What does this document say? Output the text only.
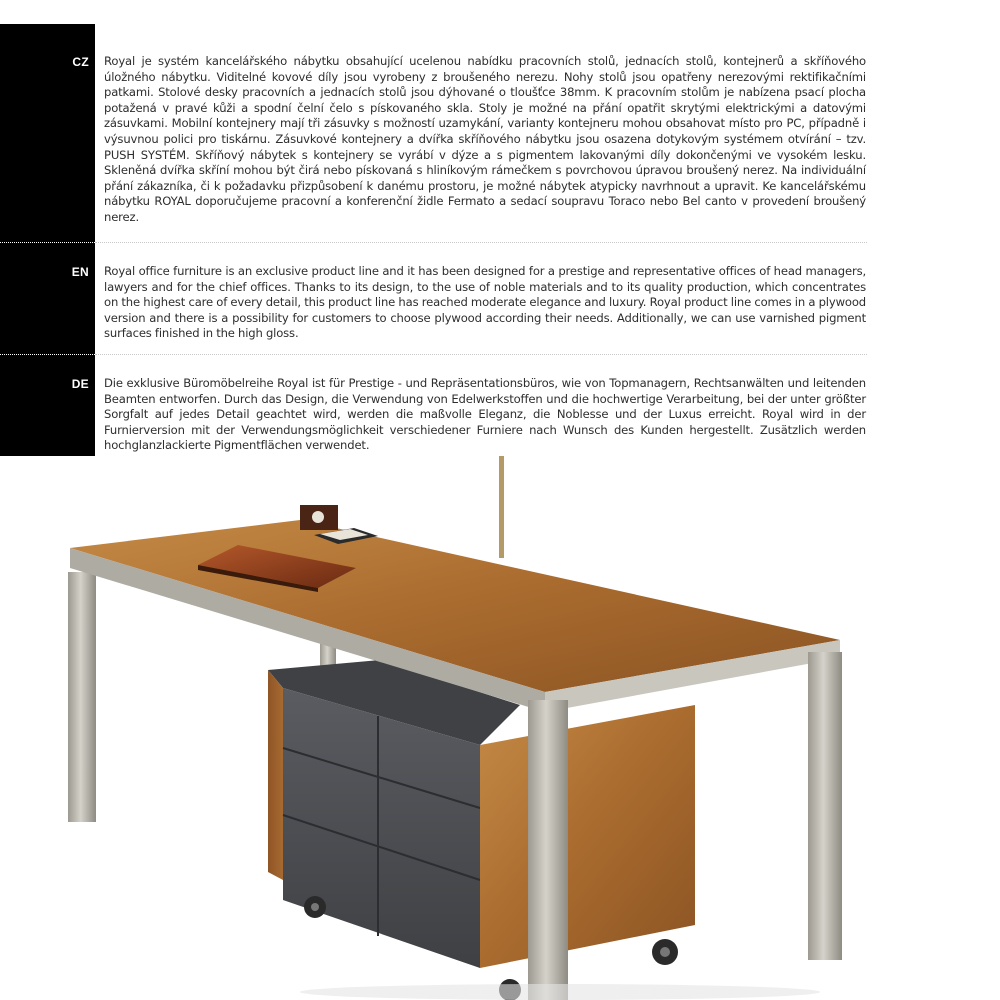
CZ
EN
DE

Royal je systém kancelářského nábytku obsahující ucelenou nabídku pracovních stolů, jednacích stolů, kontejnerů a skříňového úložného nábytku. Viditelné kovové díly jsou vyrobeny z broušeného nerezu. Nohy stolů jsou opatřeny nerezovými rektifikačními patkami. Stolové desky pracovních a jednacích stolů jsou dýhované o tloušťce 38mm. K pracovním stolům je nabízena psací plocha potažená v pravé kůži a spodní čelní čelo s pískovaného skla. Stoly je možné na přání opatřit skrytými elektrickými a datovými zásuvkami. Mobilní kontejnery mají tři zásuvky s možností uzamykání, varianty kontejneru mohou obsahovat místo pro PC, případně i výsuvnou polici pro tiskárnu. Zásuvkové kontejnery a dvířka skříňového nábytku jsou osazena dotykovým systémem otvírání – tzv. PUSH SYSTÉM. Skříňový nábytek s kontejnery se vyrábí v dýze a s pigmentem lakovanými díly dokončenými ve vysokém lesku. Skleněná dvířka skříní mohou být čirá nebo pískovaná s hliníkovým rámečkem s povrchovou úpravou broušený nerez. Na individuální přání zákazníka, či k požadavku přizpůsobení k danému prostoru, je možné nábytek atypicky navrhnout a upravit. Ke kancelářskému nábytku ROYAL doporučujeme pracovní a konferenční židle Fermato a sedací soupravu Toraco nebo Bel canto v provedení broušený nerez.

Royal office furniture is an exclusive product line and it has been designed for a prestige and representative offices of head managers, lawyers and for the chief offices. Thanks to its design, to the use of noble materials and to its quality production, which concentrates on the highest care of every detail, this product line has reached moderate elegance and luxury. Royal product line comes in a plywood version and there is a possibility for customers to choose plywood according their needs. Additionally, we can use varnished pigment surfaces finished in the high gloss.

Die exklusive Büromöbelreihe Royal ist für Prestige - und Repräsentationsbüros, wie von Topmanagern, Rechtsanwälten und leitenden Beamten entworfen. Durch das Design, die Verwendung von Edelwerkstoffen und die hochwertige Verarbeitung, bei der unter größter Sorgfalt auf jedes Detail geachtet wird, werden die maßvolle Eleganz, die Noblesse und der Luxus erreicht. Royal wird in der Furnierversion mit der Verwendungsmöglichkeit verschiedener Furniere nach Wunsch des Kunden hergestellt. Zusätzlich werden hochglanzlackierte Pigmentflächen verwendet.
